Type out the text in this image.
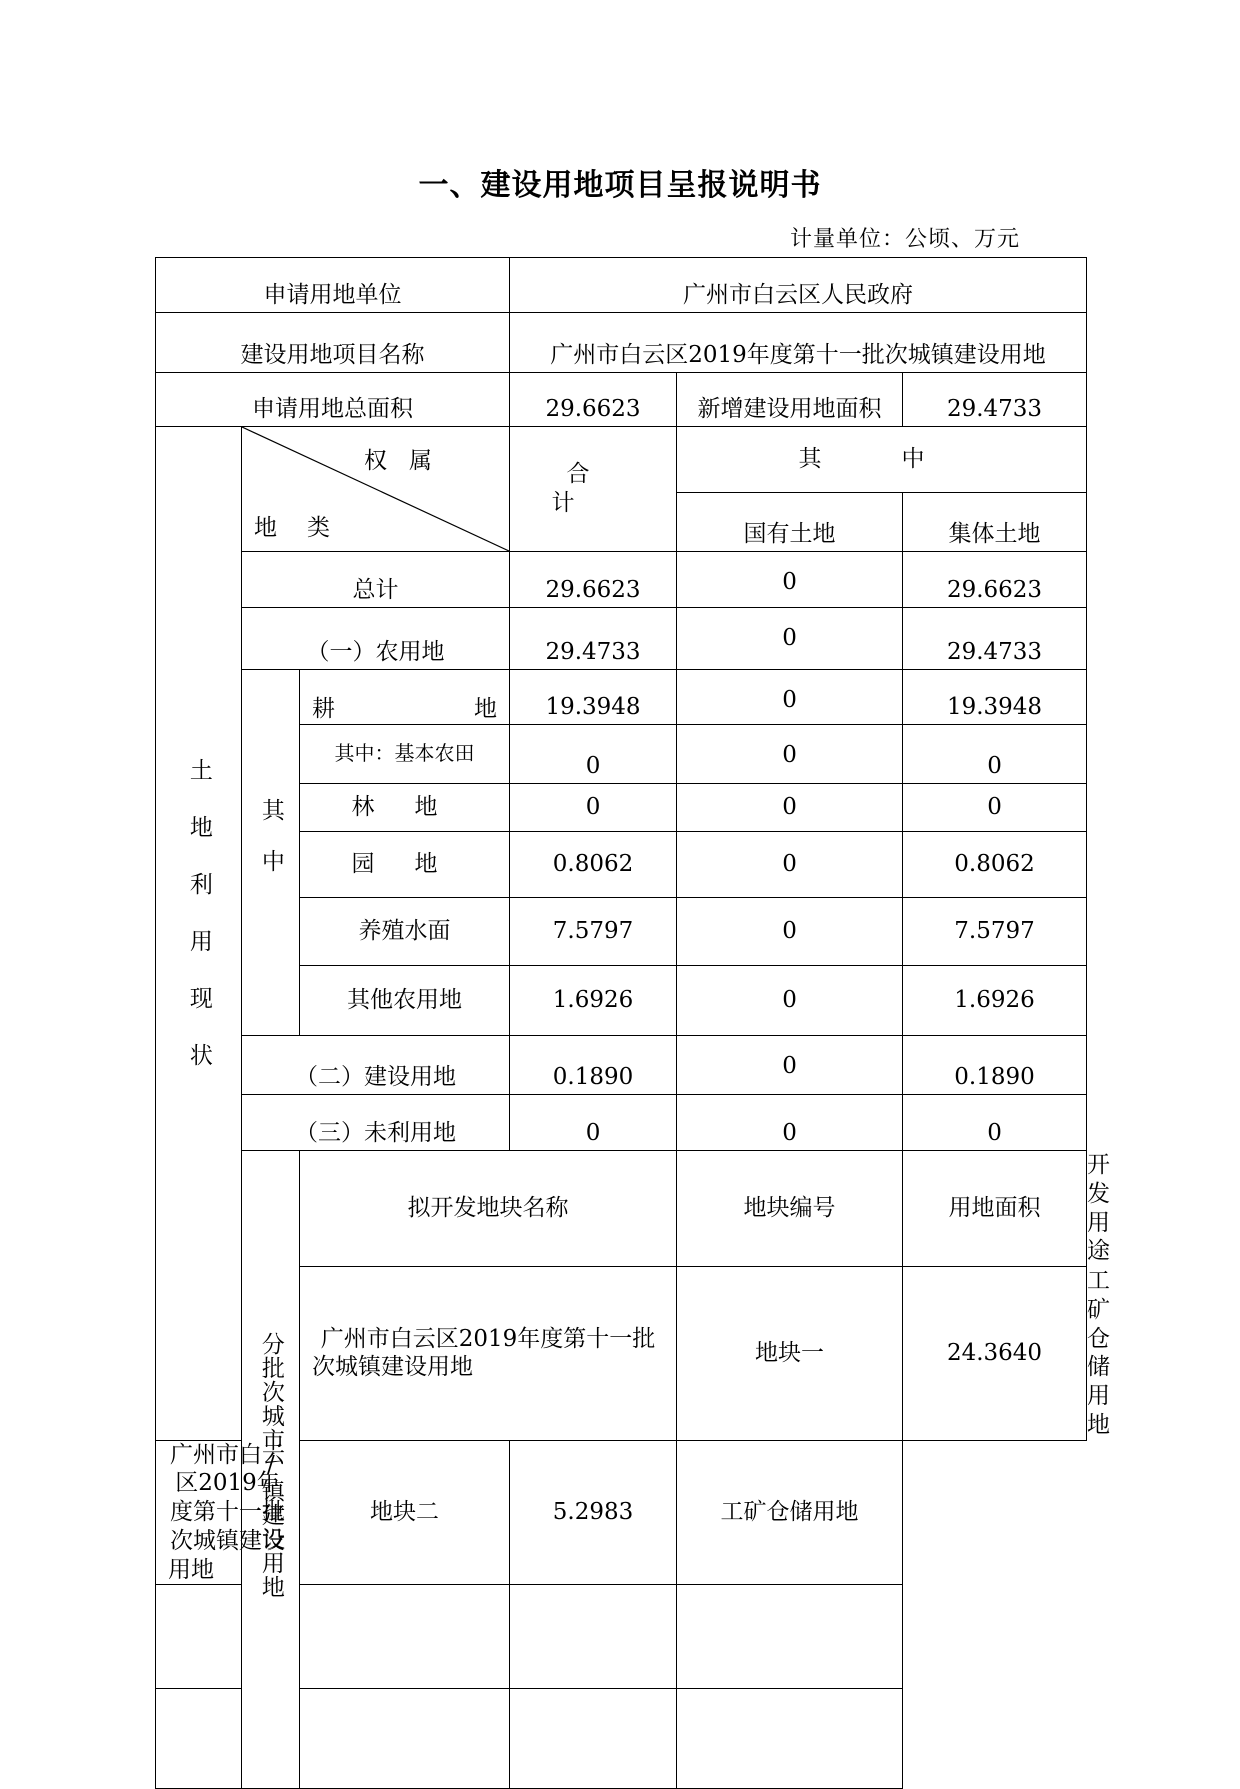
一、建设用地项目呈报说明书
计量单位：公顷、万元
申请用地单位			广州市白云区人民政府			
建设用地项目名称			广州市白云区2019年度第十一批次城镇建设用地			
申请用地总面积			29.6623	新增建设用地面积	29.4733	
土地利用现状	权属
地类		合计	其中		
				国有土地	集体土地	
	总计		29.6623	0	29.6623	
	（一）农用地		29.4733	0	29.4733	
	其中	耕地	19.3948	0	19.3948	
		其中：基本农田	0	0	0	
		林地	0	0	0	
		园地	0.8062	0	0.8062	
		养殖水面	7.5797	0	7.5797	
		其他农用地	1.6926	0	1.6926	
	（二）建设用地		0.1890	0	0.1890	
	（三）未利用地		0	0	0	
	分批次城市/镇建设用地	拟开发地块名称		地块编号	用地面积	开发用途
		广州市白云区2019年度第十一批次城镇建设用地		地块一	24.3640	工矿仓储用地
广州市白云区2019年度第十一批次城镇建设用地		地块二	5.2983	工矿仓储用地		
